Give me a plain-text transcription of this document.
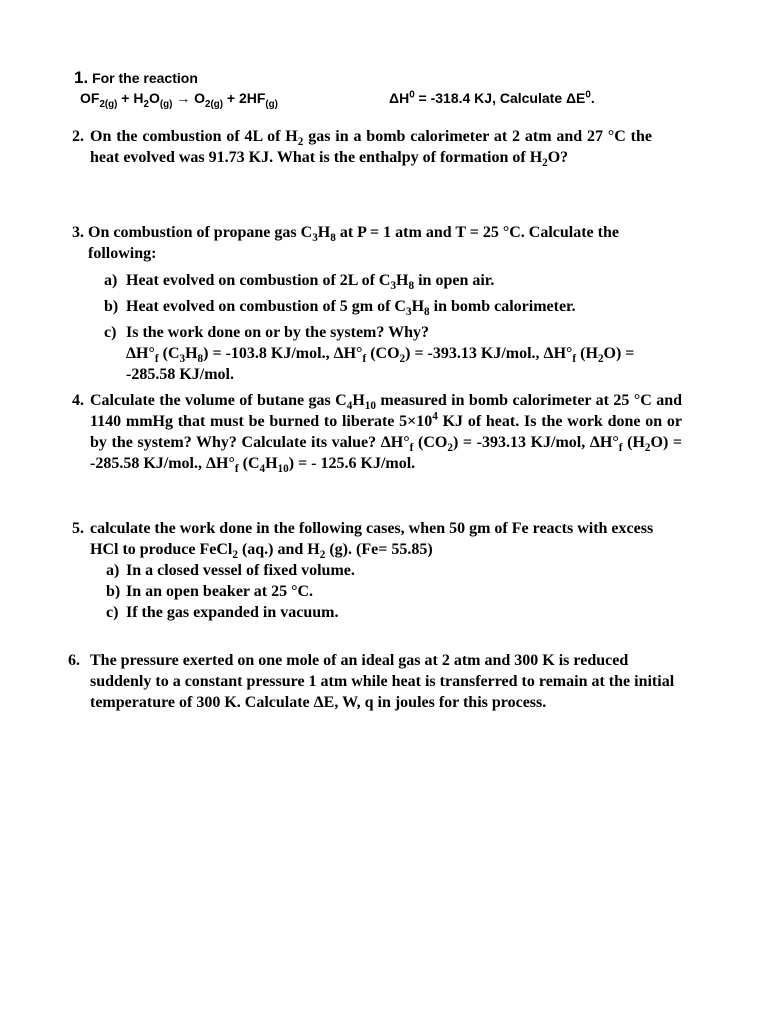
1. For the reaction
$OF_{2(g)} + H_2O_{(g)} \to O_{2(g)} + 2HF_{(g)}$	$\Delta H^0 = -318.4$ KJ, Calculate $\Delta E^0$.
2. On the combustion of 4L of $H_2$ gas in a bomb calorimeter at 2 atm and 27 °C the heat evolved was 91.73 KJ. What is the enthalpy of formation of $H_2O$?
3. On combustion of propane gas $C_3H_8$ at P = 1 atm and T = 25 °C. Calculate the following:
a) Heat evolved on combustion of 2L of $C_3H_8$ in open air.
b) Heat evolved on combustion of 5 gm of $C_3H_8$ in bomb calorimeter.
c) Is the work done on or by the system? Why?
$\Delta H^\circ_f$ $(C_3H_8) = -103.8$ KJ/mol., $\Delta H^\circ_f$ $(CO_2) = -393.13$ KJ/mol., $\Delta H^\circ_f$ $(H_2O)$ =
-285.58 KJ/mol.
4. Calculate the volume of butane gas $C_4H_{10}$ measured in bomb calorimeter at 25 °C and 1140 mmHg that must be burned to liberate $5\times 10^4$ KJ of heat. Is the work done on or by the system? Why? Calculate its value? $\Delta H^\circ_f$ $(CO_2) = -393.13$ KJ/mol, $\Delta H^\circ_f$ $(H_2O) = -285.58$ KJ/mol., $\Delta H^\circ_f$ $(C_4H_{10})$ = - 125.6 KJ/mol.
5. calculate the work done in the following cases, when 50 gm of Fe reacts with excess HCl to produce FeCl$_2$ (aq.) and $H_2$ (g). (Fe= 55.85)
a) In a closed vessel of fixed volume.
b) In an open beaker at 25 °C.
c) If the gas expanded in vacuum.
6. The pressure exerted on one mole of an ideal gas at 2 atm and 300 K is reduced suddenly to a constant pressure 1 atm while heat is transferred to remain at the initial temperature of 300 K. Calculate ΔE, W, q in joules for this process.
